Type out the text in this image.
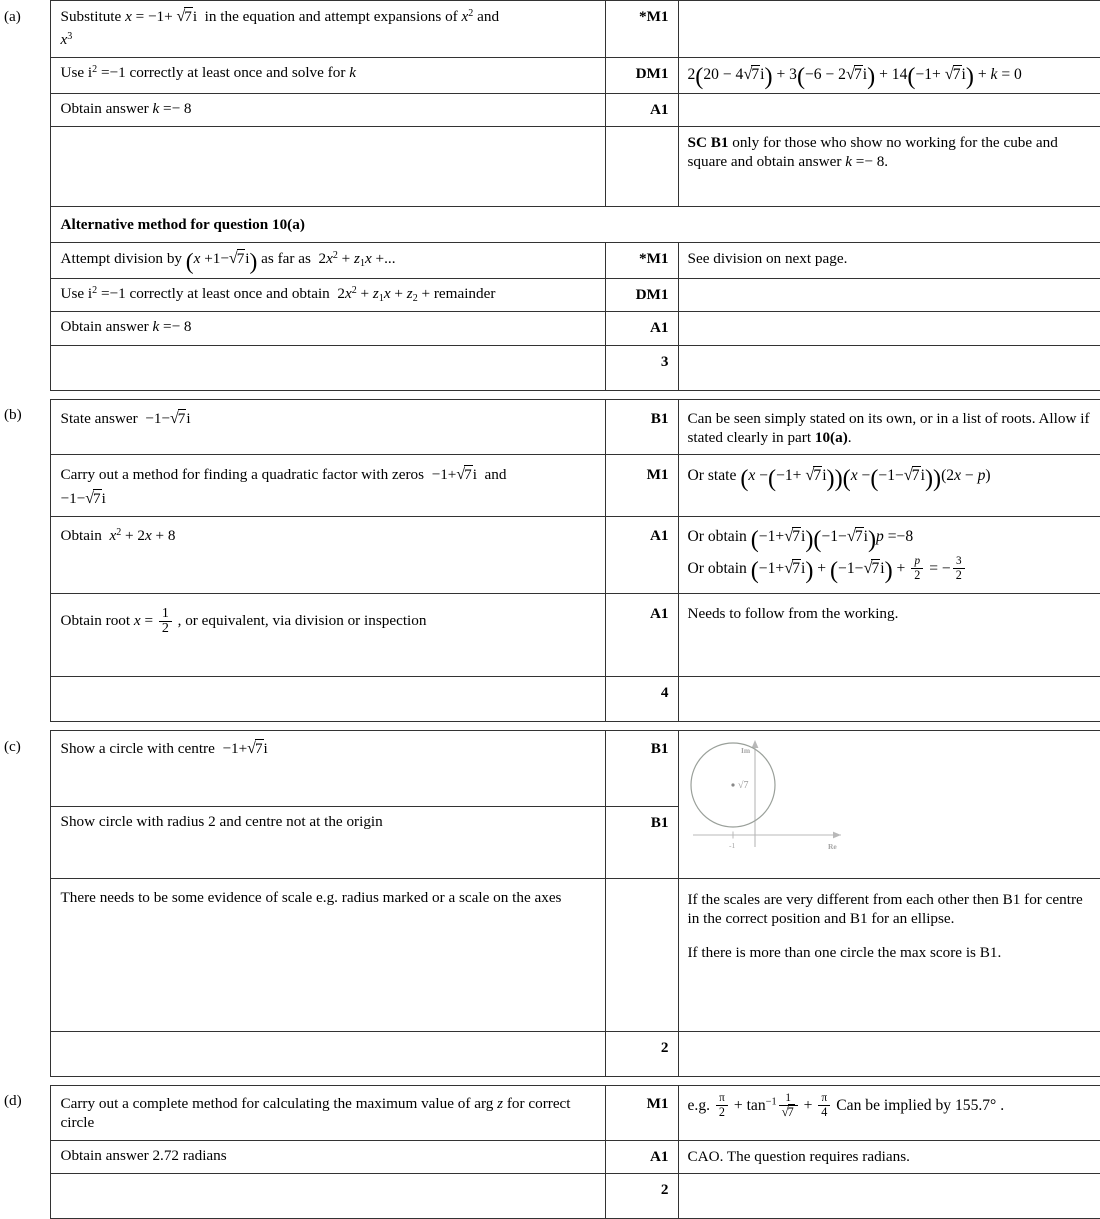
(a)	Substitute x = −1+ √7i  in the equation and attempt expansions of $x^2$ and
$x^3$	*M1	
	Use $i^2 =-1$ correctly at least once and solve for k	DM1	2(20 − 4√7i) + 3(−6 − 2√7i) + 14(−1+ √7i) + k = 0
	Obtain answer k =− 8	A1	
			SC B1 only for those who show no working for the cube and square and obtain answer k =− 8.
	Alternative method for question 10(a)		
	Attempt division by (x +1−√7i) as far as  $2x^2 + z_1x$ +...	*M1	See division on next page.
	Use $i^2 =-1$ correctly at least once and obtain  $2x^2 + z_1x + z_2$ + remainder	DM1	
	Obtain answer k =− 8	A1	
		3	

(b)	State answer  −1−√7i	B1	Can be seen simply stated on its own, or in a list of roots. Allow if stated clearly in part 10(a).
	Carry out a method for finding a quadratic factor with zeros  −1+√7i  and
−1−√7i	M1	Or state (x −(−1+ √7i))(x −(−1−√7i))(2x − p)
Obtain  $x^2 + 2x + 8$	A1	Or obtain (−1+√7i)(−1−√7i)p =−8
Or obtain $(-1+√7i) + (-1-√7i) + \frac{p}{2}$ = − $\frac{3}{2}$

	Obtain root $x = \frac{1}{2}$ , or equivalent, via division or inspection	A1	Needs to follow from the working.
		4	

(c)	Show a circle with centre  −1+√7i	B1	√7
Im
Re
-1

	Show circle with radius 2 and centre not at the origin	B1	
	There needs to be some evidence of scale e.g. radius marked or a scale on the axes		If the scales are very different from each other then B1 for centre in the correct position and B1 for an ellipse.
If there is more than one circle the max score is B1.

		2	

(d)	Carry out a complete method for calculating the maximum value of arg z for correct circle	M1	e.g. $\frac{\pi}{2} + \tan^{-1} \frac{1}{√7} + \frac{\pi}{4}$ Can be implied by 155.7° .
	Obtain answer 2.72 radians	A1	CAO. The question requires radians.
		2	
